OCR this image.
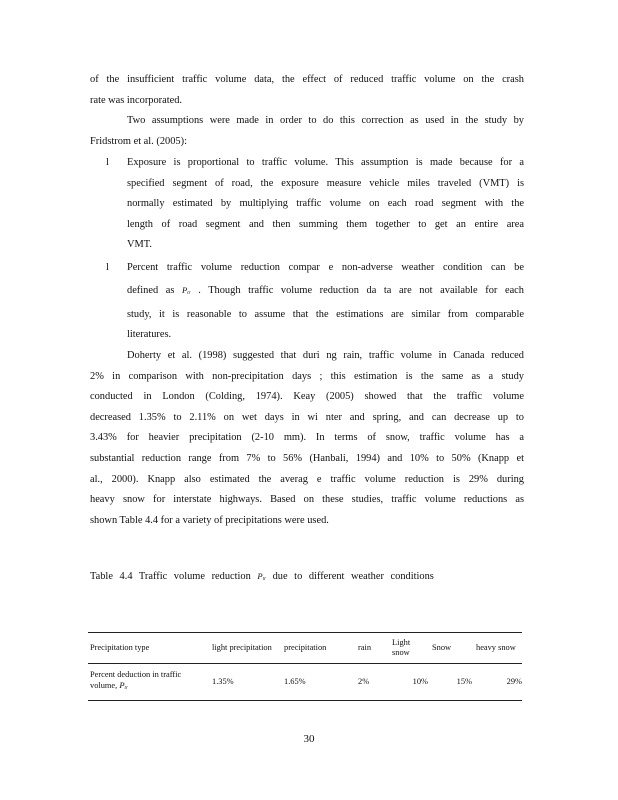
of the insufficient traffic volume data, the effect of reduced traffic volume on the crash
rate was incorporated.
Two assumptions were made in order to do this correction as used in the study by
Fridstrom et al. (2005):
l	Exposure is proportional to traffic volume. This assumption is made because for a
specified segment of road, the exposure measure vehicle miles traveled (VMT) is
normally estimated by multiplying traffic volume on each road segment with the
length of road segment and then summing them together to get an entire area
VMT.
l	Percent traffic volume reduction compar e non-adverse weather condition can be
defined as Ptr . Though traffic volume reduction da ta are not available for each
study, it is reasonable to assume that the estimations are similar from comparable
literatures.
Doherty et al. (1998) suggested that duri ng rain, traffic volume in Canada reduced
2% in comparison with non-precipitation days ; this estimation is the same as a study
conducted in London (Colding, 1974). Keay (2005) showed that the traffic volume
decreased 1.35% to 2.11% on wet days in wi nter and spring, and can decrease up to
3.43% for heavier precipitation (2-10 mm). In terms of snow, traffic volume has a
substantial reduction range from 7% to 56% (Hanbali, 1994) and 10% to 50% (Knapp et
al., 2000). Knapp also estimated the averag e traffic volume reduction is 29% during
heavy snow for interstate highways. Based on these studies, traffic volume reductions as
shown Table 4.4 for a variety of precipitations were used.
Table 4.4 Traffic volume reduction Ptr due to different weather conditions
Precipitation type	light precipitation	precipitation	rain	Light snow	Snow	heavy snow
Percent deduction in traffic volume, Ptr	1.35%	1.65%	2%	10%	15%	29%
30
